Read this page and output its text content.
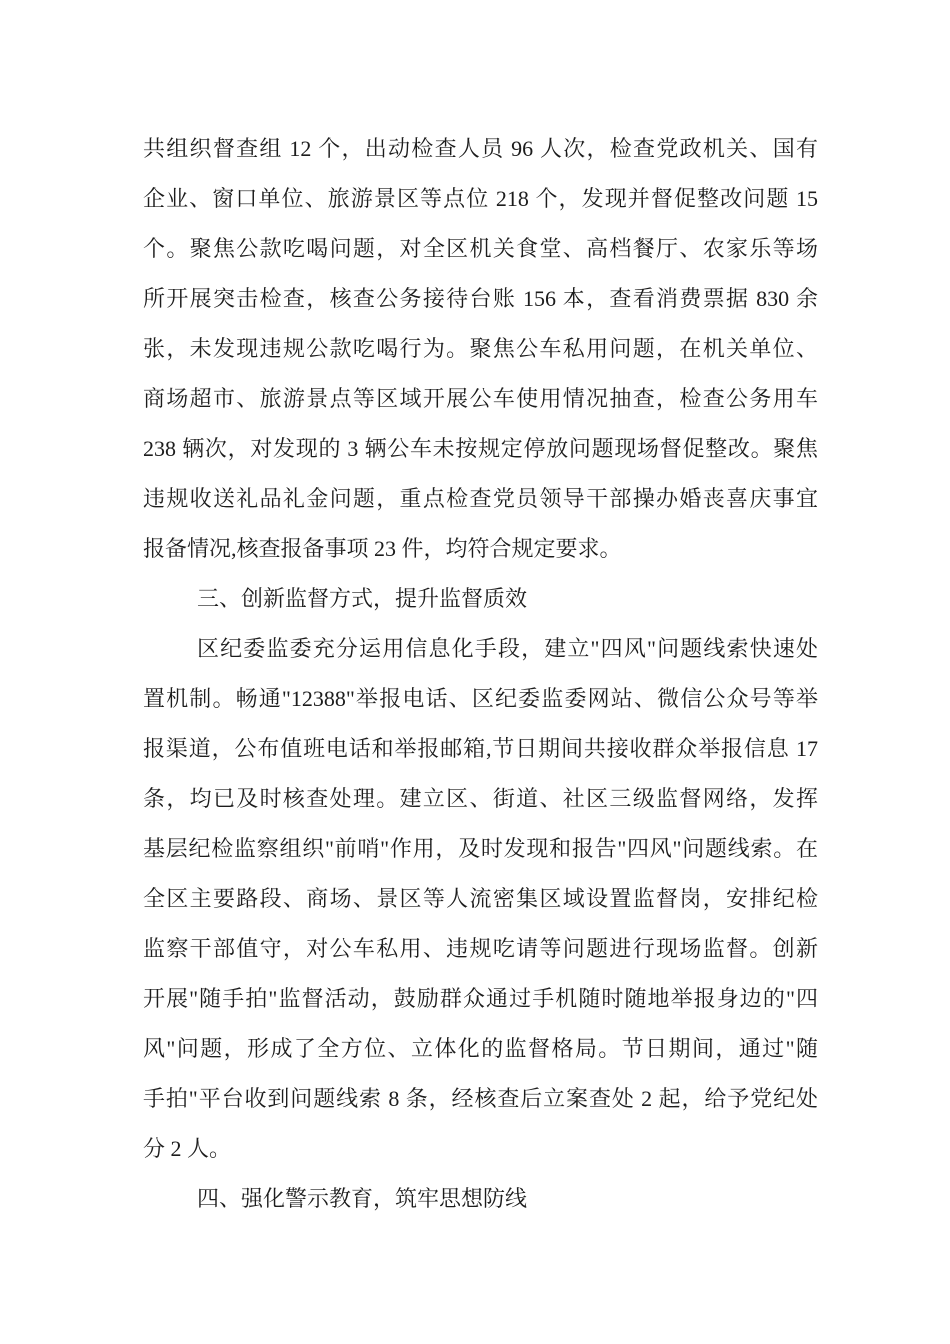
共组织督查组 12 个，出动检查人员 96 人次，检查党政机关、国有
企业、窗口单位、旅游景区等点位 218 个，发现并督促整改问题 15
个。聚焦公款吃喝问题，对全区机关食堂、高档餐厅、农家乐等场
所开展突击检查，核查公务接待台账 156 本，查看消费票据 830 余
张，未发现违规公款吃喝行为。聚焦公车私用问题，在机关单位、
商场超市、旅游景点等区域开展公车使用情况抽查，检查公务用车
238 辆次，对发现的 3 辆公车未按规定停放问题现场督促整改。聚焦
违规收送礼品礼金问题，重点检查党员领导干部操办婚丧喜庆事宜
报备情况,核查报备事项 23 件，均符合规定要求。
三、创新监督方式，提升监督质效
区纪委监委充分运用信息化手段，建立"四风"问题线索快速处
置机制。畅通"12388"举报电话、区纪委监委网站、微信公众号等举
报渠道，公布值班电话和举报邮箱,节日期间共接收群众举报信息 17
条，均已及时核查处理。建立区、街道、社区三级监督网络，发挥
基层纪检监察组织"前哨"作用，及时发现和报告"四风"问题线索。在
全区主要路段、商场、景区等人流密集区域设置监督岗，安排纪检
监察干部值守，对公车私用、违规吃请等问题进行现场监督。创新
开展"随手拍"监督活动，鼓励群众通过手机随时随地举报身边的"四
风"问题，形成了全方位、立体化的监督格局。节日期间，通过"随
手拍"平台收到问题线索 8 条，经核查后立案查处 2 起，给予党纪处
分 2 人。
四、强化警示教育，筑牢思想防线
